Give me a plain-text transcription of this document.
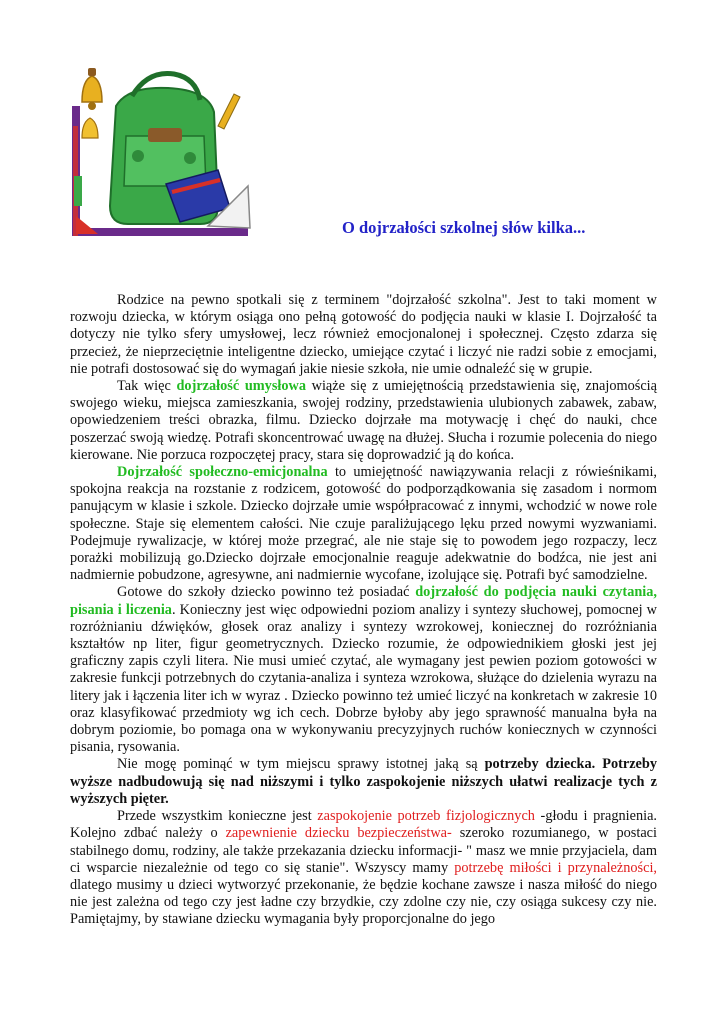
O dojrzałości szkolnej słów kilka...

Rodzice na pewno spotkali się z terminem "dojrzałość szkolna". Jest to taki moment w rozwoju dziecka, w którym osiąga ono pełną gotowość do podjęcia nauki w klasie I. Dojrzałość ta dotyczy nie tylko sfery umysłowej, lecz również emocjonalonej i społecznej. Często zdarza się przecież, że nieprzeciętnie inteligentne dziecko, umiejące czytać i liczyć nie radzi sobie z emocjami, nie potrafi dostosować się do wymagań jakie niesie szkoła, nie umie odnaleźć się w grupie.

Tak więc dojrzałość umysłowa wiąże się z umiejętnością przedstawienia się, znajomością swojego wieku, miejsca zamieszkania, swojej rodziny, przedstawienia ulubionych zabawek, zabaw, opowiedzeniem treści obrazka, filmu. Dziecko dojrzałe ma motywację i chęć do nauki, chce poszerzać swoją wiedzę. Potrafi skoncentrować uwagę na dłużej. Słucha i rozumie polecenia do niego kierowane. Nie porzuca rozpoczętej pracy, stara się doprowadzić ją do końca.

Dojrzałość społeczno-emicjonalna to umiejętność nawiązywania relacji z rówieśnikami, spokojna reakcja na rozstanie z rodzicem, gotowość do podporządkowania się zasadom i normom panującym w klasie i szkole. Dziecko dojrzałe umie współpracować z innymi, wchodzić w nowe role społeczne. Staje się elementem całości. Nie czuje paraliżującego lęku przed nowymi wyzwaniami. Podejmuje rywalizacje, w której może przegrać, ale nie staje się to powodem jego rozpaczy, lecz porażki mobilizują go.Dziecko dojrzałe emocjonalnie reaguje adekwatnie do bodźca, nie jest ani nadmiernie pobudzone, agresywne, ani nadmiernie wycofane, izolujące się. Potrafi być samodzielne.

Gotowe do szkoły dziecko powinno też posiadać dojrzałość do podjęcia nauki czytania, pisania i liczenia. Konieczny jest więc odpowiedni poziom analizy i syntezy słuchowej, pomocnej w rozróżnianiu dźwięków, głosek oraz analizy i syntezy wzrokowej, koniecznej do rozróżniania kształtów np liter, figur geometrycznych. Dziecko rozumie, że odpowiednikiem głoski jest jej graficzny zapis czyli litera. Nie musi umieć czytać, ale wymagany jest pewien poziom gotowości w zakresie funkcji potrzebnych do czytania-analiza i synteza wzrokowa, służące do dzielenia wyrazu na litery jak i łączenia liter ich w wyraz . Dziecko powinno też umieć liczyć na konkretach w zakresie 10 oraz klasyfikować przedmioty wg ich cech. Dobrze byłoby aby jego sprawność manualna była na dobrym poziomie, bo pomaga ona w wykonywaniu precyzyjnych ruchów koniecznych w czynności pisania, rysowania.

Nie mogę pominąć w tym miejscu sprawy istotnej jaką są potrzeby dziecka. Potrzeby wyższe nadbudowują się nad niższymi i tylko zaspokojenie niższych ułatwi realizacje tych z wyższych pięter.

Przede wszystkim konieczne jest zaspokojenie potrzeb fizjologicznych -głodu i pragnienia. Kolejno zdbać należy o zapewnienie dziecku bezpieczeństwa- szeroko rozumianego, w postaci stabilnego domu, rodziny, ale także przekazania dziecku informacji- " masz we mnie przyjaciela, dam ci wsparcie niezależnie od tego co się stanie". Wszyscy mamy potrzebę miłości i przynależności, dlatego musimy u dzieci wytworzyć przekonanie, że będzie kochane zawsze i nasza miłość do niego nie jest zależna od tego czy jest ładne czy brzydkie, czy zdolne czy nie, czy osiąga sukcesy czy nie. Pamiętajmy, by stawiane dziecku wymagania były proporcjonalne do jego
